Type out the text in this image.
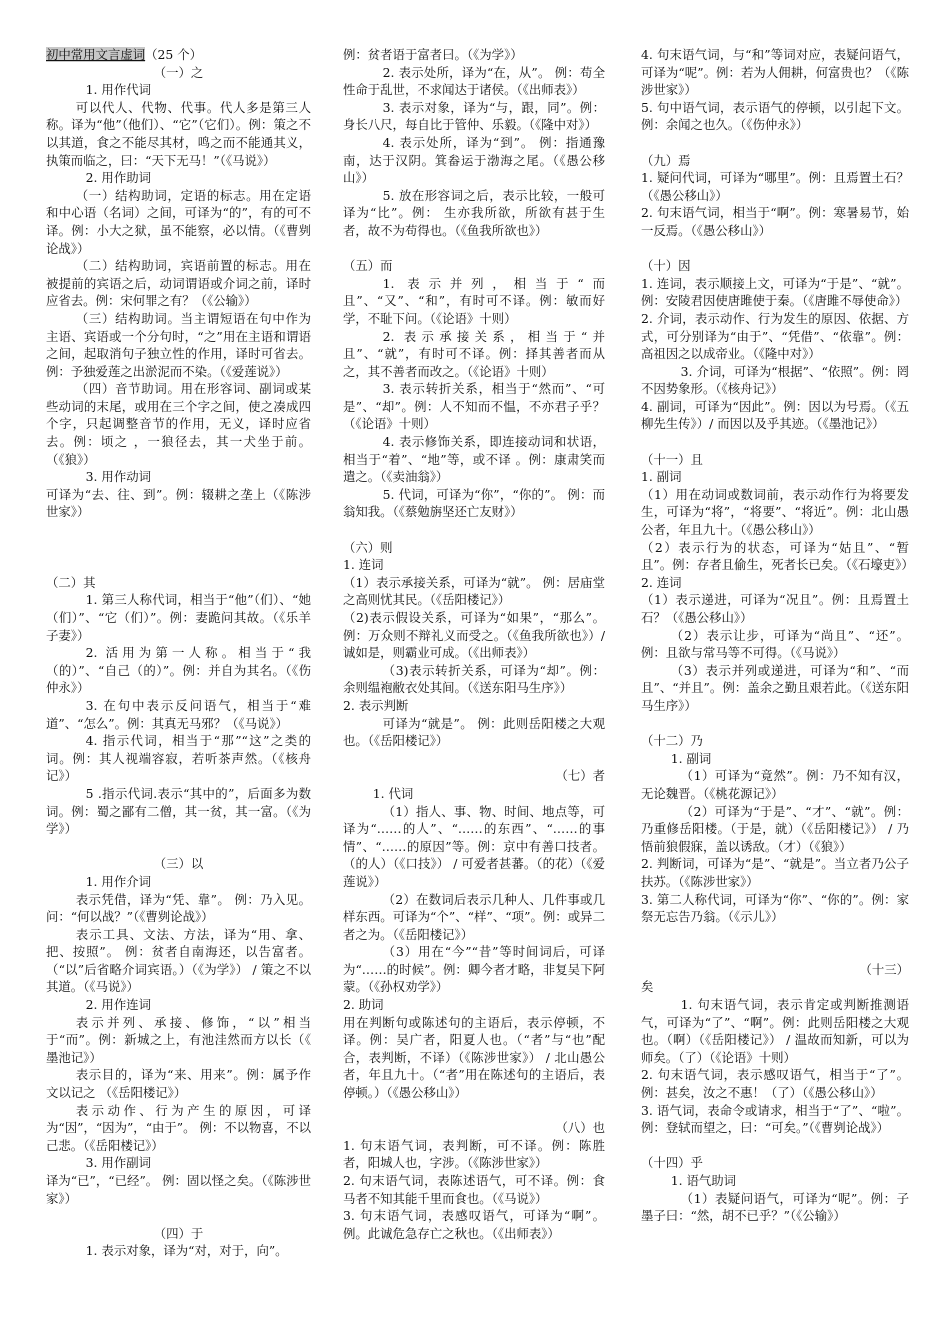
初中常用文言虚词（25 个）

（一）之

1. 用作代词

可以代人、代物、代事。代人多是第三人称。译为“他”（他们）、“它”（它们）。例：策之不以其道，食之不能尽其材，鸣之而不能通其义，执策而临之，曰：“天下无马！”（《马说》）

2. 用作助词

（一）结构助词，定语的标志。用在定语和中心语（名词）之间，可译为“的”，有的可不译。例：小大之狱，虽不能察，必以情。（《曹刿论战》）

（二）结构助词，宾语前置的标志。用在被提前的宾语之后，动词谓语或介词之前，译时应省去。例：宋何罪之有？（《公输》）

（三）结构助词。当主谓短语在句中作为主语、宾语或一个分句时，“之”用在主语和谓语之间，起取消句子独立性的作用，译时可省去。例：予独爱莲之出淤泥而不染。（《爱莲说》）

（四）音节助词。用在形容词、副词或某些动词的末尾，或用在三个字之间，使之凑成四个字，只起调整音节的作用，无义，译时应省去。例：顷之 ，一狼径去，其一犬坐于前。（《狼》）

3. 用作动词

可译为“去、往、到”。例：辍耕之垄上（《陈涉世家》）

（二）其

1. 第三人称代词，相当于“他”（们）、“她（们）”、“它（们）”。例：妻跪问其故。（《乐羊子妻》）

2. 活用为第一人称。相当于“我（的）”、“自己（的）”。例：并自为其名。（《伤仲永》）

3. 在句中表示反问语气，相当于“难道”、“怎么”。例：其真无马邪？（《马说》）

4. 指示代词，相当于“那”“这”之类的词。例：其人视端容寂，若听茶声然。（《核舟记》）

5 .指示代词.表示“其中的”，后面多为数词。例：蜀之鄙有二僧，其一贫，其一富。（《为学》）

（三）以

1. 用作介词

表示凭借，译为“凭、靠”。 例：乃入见。问：“何以战？”（《曹刿论战》）

表示工具、文法、方法，译为“用、拿、把、按照”。 例：贫者自南海还，以告富者。（“以”后省略介词宾语。）（《为学》） / 策之不以其道。（《马说》）

2. 用作连词

表示并列、承接、修饰，“以”相当于“而”。例：新城之上，有池洼然而方以长（《 墨池记》）

表示目的，译为“来、用来”。例：属予作文以记之 （《岳阳楼记》）

表示动作、行为产生的原因，可译为“因”，“因为”，“由于”。 例：不以物喜，不以己悲。（《岳阳楼记》）

3. 用作副词

译为“已”，“已经”。 例：固以怪之矣。（《陈涉世家》）

（四）于

1. 表示对象，译为“对，对于，向”。

例：贫者语于富者曰。（《为学》）

2. 表示处所，译为“在，从”。 例：苟全性命于乱世，不求闻达于诸侯。（《出师表》）

3. 表示对象，译为“与，跟，同”。例：身长八尺，每自比于管仲、乐毅。（《隆中对》）

4. 表示处所，译为“到”。 例：指通豫南，达于汉阴。箕畚运于渤海之尾。（《愚公移山》）

5. 放在形容词之后，表示比较，一般可译为“比”。例： 生亦我所欲，所欲有甚于生者，故不为苟得也。（《鱼我所欲也》）

（五）而

1. 表示并列，相当于“而且”、“又”、“和”，有时可不译。例：敏而好学，不耻下问。（《论语》十则）

2. 表示承接关系，相当于“并且”、“就”，有时可不译。例：择其善者而从之，其不善者而改之。（《论语》十则）

3. 表示转折关系，相当于“然而”、“可是”、“却”。例：人不知而不愠，不亦君子乎？（《论语》十则）

4. 表示修饰关系，即连接动词和状语，相当于“着”、“地”等，或不译 。例：康肃笑而遣之。（《卖油翁》）

5. 代词，可译为“你”，“你的”。 例：而翁知我。（《蔡勉旃坚还亡友财》）

（六）则

1. 连词

（1）表示承接关系，可译为“就”。 例：居庙堂之高则忧其民。（《岳阳楼记》）

（2)表示假设关系，可译为“如果”，“那么”。例：万众则不辩礼义而受之。（《鱼我所欲也》）/ 诚如是，则霸业可成。（《出师表》）

（3)表示转折关系，可译为“却”。例：余则缊袍敝衣处其间。（《送东阳马生序》）

2. 表示判断

可译为“就是”。 例：此则岳阳楼之大观也。（《岳阳楼记》）

（七）者

1. 代词

（1）指人、事、物、时间、地点等，可译为“……的人”、“……的东西”、“……的事情”、“……的原因”等。例：京中有善口技者。（的人）（《口技》） / 可爱者甚蕃。（的花）（《爱莲说》）

（2）在数词后表示几种人、几件事或几样东西。可译为“个”、“样”、“项”。例：或异二者之为。（《岳阳楼记》）

（3）用在“今”“昔”等时间词后，可译为“……的时候”。例：卿今者才略，非复吴下阿蒙。（《孙权劝学》）

2. 助词

用在判断句或陈述句的主语后，表示停顿，不译。例：吴广者，阳夏人也。（“者”与“也”配合，表判断，不译）（《陈涉世家》） / 北山愚公者，年且九十。（“者”用在陈述句的主语后，表停顿。）（《愚公移山》）

（八）也

1. 句末语气词，表判断，可不译。例：陈胜者，阳城人也，字涉。（《陈涉世家》）

2. 句末语气词，表陈述语气，可不译。例：食马者不知其能千里而食也。（《马说》）

3. 句末语气词，表感叹语气，可译为“啊”。例。此诚危急存亡之秋也。（《出师表》）

4. 句末语气词，与“和”等词对应，表疑问语气，可译为“呢”。例：若为人佣耕，何富贵也？（《陈涉世家》）

5. 句中语气词，表示语气的停顿，以引起下文。例：余闻之也久。（《伤仲永》）

（九）焉

1. 疑问代词，可译为“哪里”。例：且焉置土石？（《愚公移山》）

2. 句末语气词，相当于“啊”。例：寒暑易节，始一反焉。（《愚公移山》）

（十）因

1. 连词，表示顺接上文，可译为“于是”、“就”。例：安陵君因使唐雎使于秦。（《唐雎不辱使命》）

2. 介词，表示动作、行为发生的原因、依据、方式，可分别译为“由于”、“凭借”、“依靠”。例：高祖因之以成帝业。（《隆中对》）

3. 介词，可译为“根据”、“依照”。例：罔不因势象形。（《核舟记》）

4. 副词，可译为“因此”。例：因以为号焉。（《五柳先生传》）/ 而因以及乎其迹。（《墨池记》）

（十一）且

1. 副词

（1）用在动词或数词前，表示动作行为将要发生，可译为“将”，“将要”、“将近”。例：北山愚公者，年且九十。（《愚公移山》）

（2）表示行为的状态，可译为“姑且”、“暂且”。例：存者且偷生，死者长已矣。（《石壕吏》）

2. 连词

（1）表示递进，可译为“况且”。例：且焉置土石？（《愚公移山》）

（2）表示让步，可译为“尚且”、“还”。例：且欲与常马等不可得。（《马说》）

（3）表示并列或递进，可译为“和”、“而且”、“并且”。例：盖余之勤且艰若此。（《送东阳马生序》）

（十二）乃

1. 副词

（1）可译为“竟然”。例：乃不知有汉，无论魏晋。（《桃花源记》）

（2）可译为“于是”、“才”、“就”。例：乃重修岳阳楼。（于是，就）（《岳阳楼记》） / 乃悟前狼假寐，盖以诱敌。（才）（《狼》）

2. 判断词，可译为“是”、“就是”。当立者乃公子扶苏。（《陈涉世家》）

3. 第二人称代词，可译为“你”、“你的”。例：家祭无忘告乃翁。（《示儿》）

（十三）

矣

1. 句末语气词，表示肯定或判断推测语气，可译为“了”、“啊”。例：此则岳阳楼之大观也。（啊）（《岳阳楼记》） / 温故而知新，可以为师矣。（了）（《论语》十则）

2. 句末语气词，表示感叹语气，相当于“了”。例：甚矣，汝之不惠！（了）（《愚公移山》）

3. 语气词，表命令或请求，相当于“了”、“啦”。例：登轼而望之，曰：“可矣。”（《曹刿论战》）

（十四）乎

1. 语气助词

（1）表疑问语气，可译为“呢”。例：子墨子曰：“然，胡不已乎？”（《公输》）
